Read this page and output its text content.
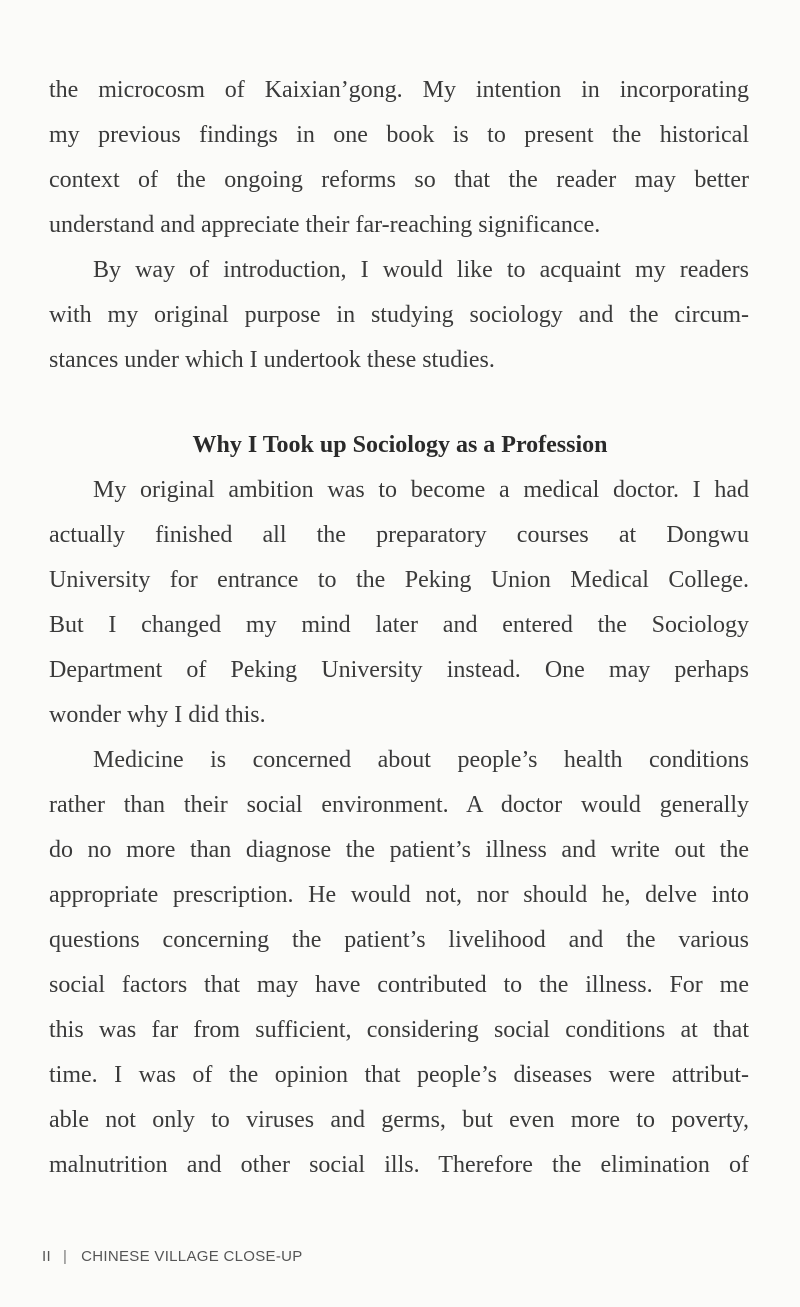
the microcosm of Kaixian’gong. My intention in incorporating
my previous findings in one book is to present the historical
context of the ongoing reforms so that the reader may better
understand and appreciate their far-reaching significance.
By way of introduction, I would like to acquaint my readers
with my original purpose in studying sociology and the circum-
stances under which I undertook these studies.
Why I Took up Sociology as a Profession
My original ambition was to become a medical doctor. I had
actually finished all the preparatory courses at Dongwu
University for entrance to the Peking Union Medical College.
But I changed my mind later and entered the Sociology
Department of Peking University instead. One may perhaps
wonder why I did this.
Medicine is concerned about people’s health conditions
rather than their social environment. A doctor would generally
do no more than diagnose the patient’s illness and write out the
appropriate prescription. He would not, nor should he, delve into
questions concerning the patient’s livelihood and the various
social factors that may have contributed to the illness. For me
this was far from sufficient, considering social conditions at that
time. I was of the opinion that people’s diseases were attribut-
able not only to viruses and germs, but even more to poverty,
malnutrition and other social ills. Therefore the elimination of
II | CHINESE VILLAGE CLOSE-UP
